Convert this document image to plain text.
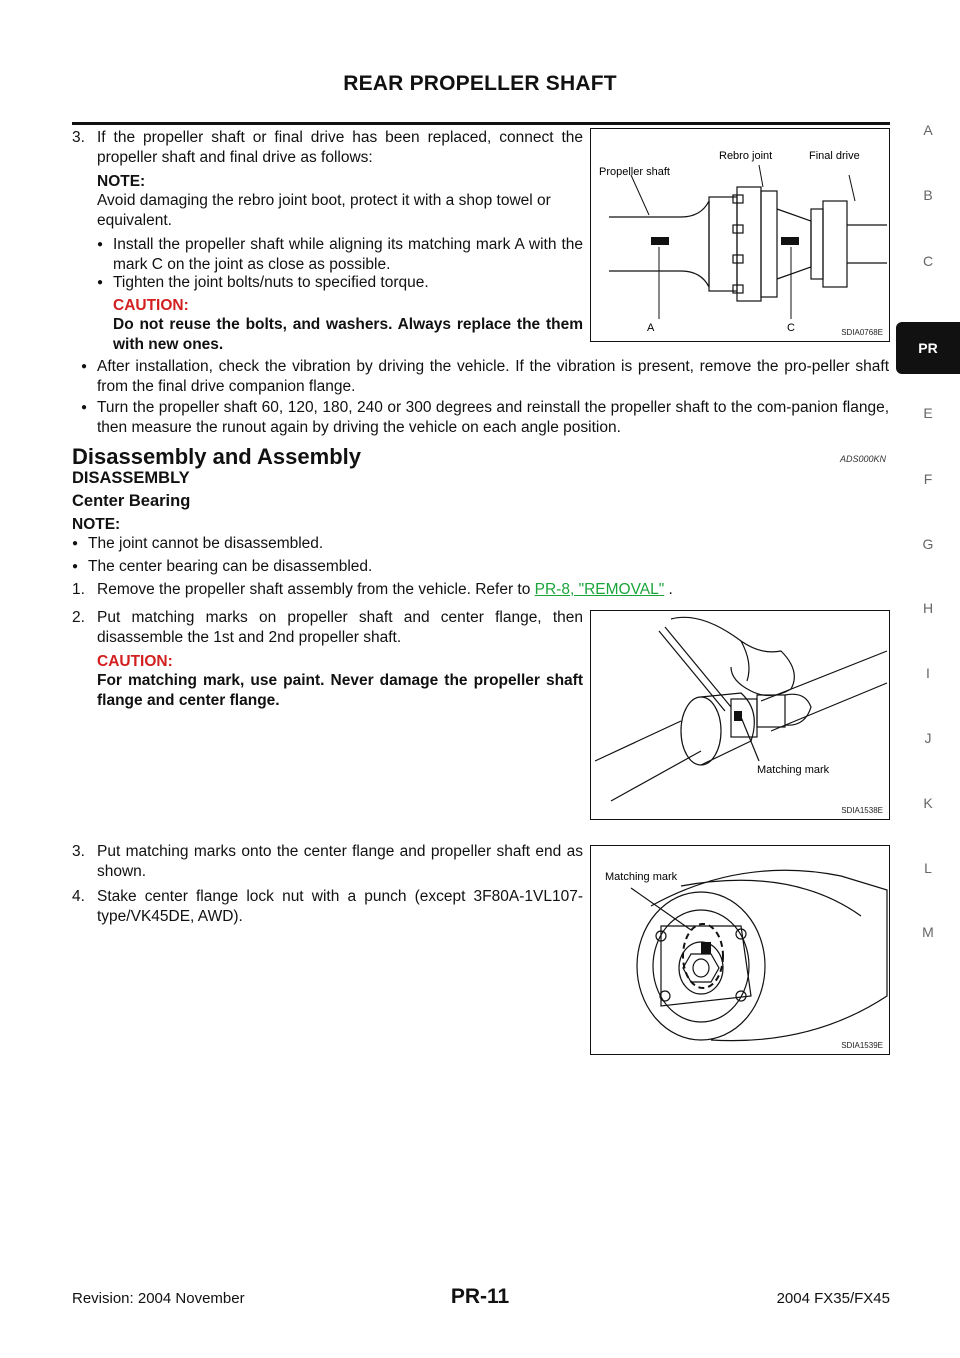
REAR PROPELLER SHAFT
A
B
C
PR
E
F
G
H
I
J
K
L
M
3. If the propeller shaft or final drive has been replaced, connect the propeller shaft and final drive as follows:
NOTE:
Avoid damaging the rebro joint boot, protect it with a shop towel or equivalent.
● Install the propeller shaft while aligning its matching mark A with the mark C on the joint as close as possible.
● Tighten the joint bolts/nuts to specified torque.
CAUTION:
Do not reuse the bolts, and washers. Always replace the them with new ones.
● After installation, check the vibration by driving the vehicle. If the vibration is present, remove the pro-peller shaft from the final drive companion flange.
● Turn the propeller shaft 60, 120, 180, 240 or 300 degrees and reinstall the propeller shaft to the com-panion flange, then measure the runout again by driving the vehicle on each angle position.
Propeller shaft
Rebro joint	Final drive
A	C	SDIA0768E
Disassembly and Assembly	ADS000KN
DISASSEMBLY
Center Bearing
NOTE:
● The joint cannot be disassembled.
● The center bearing can be disassembled.
1. Remove the propeller shaft assembly from the vehicle. Refer to PR-8, "REMOVAL" .
2. Put matching marks on propeller shaft and center flange, then disassemble the 1st and 2nd propeller shaft.
CAUTION:
For matching mark, use paint. Never damage the propeller shaft flange and center flange.
Matching mark
SDIA1538E
3. Put matching marks onto the center flange and propeller shaft end as shown.
4. Stake center flange lock nut with a punch (except 3F80A-1VL107- type/VK45DE, AWD).
Matching mark
SDIA1539E
Revision: 2004 November	PR-11	2004 FX35/FX45
